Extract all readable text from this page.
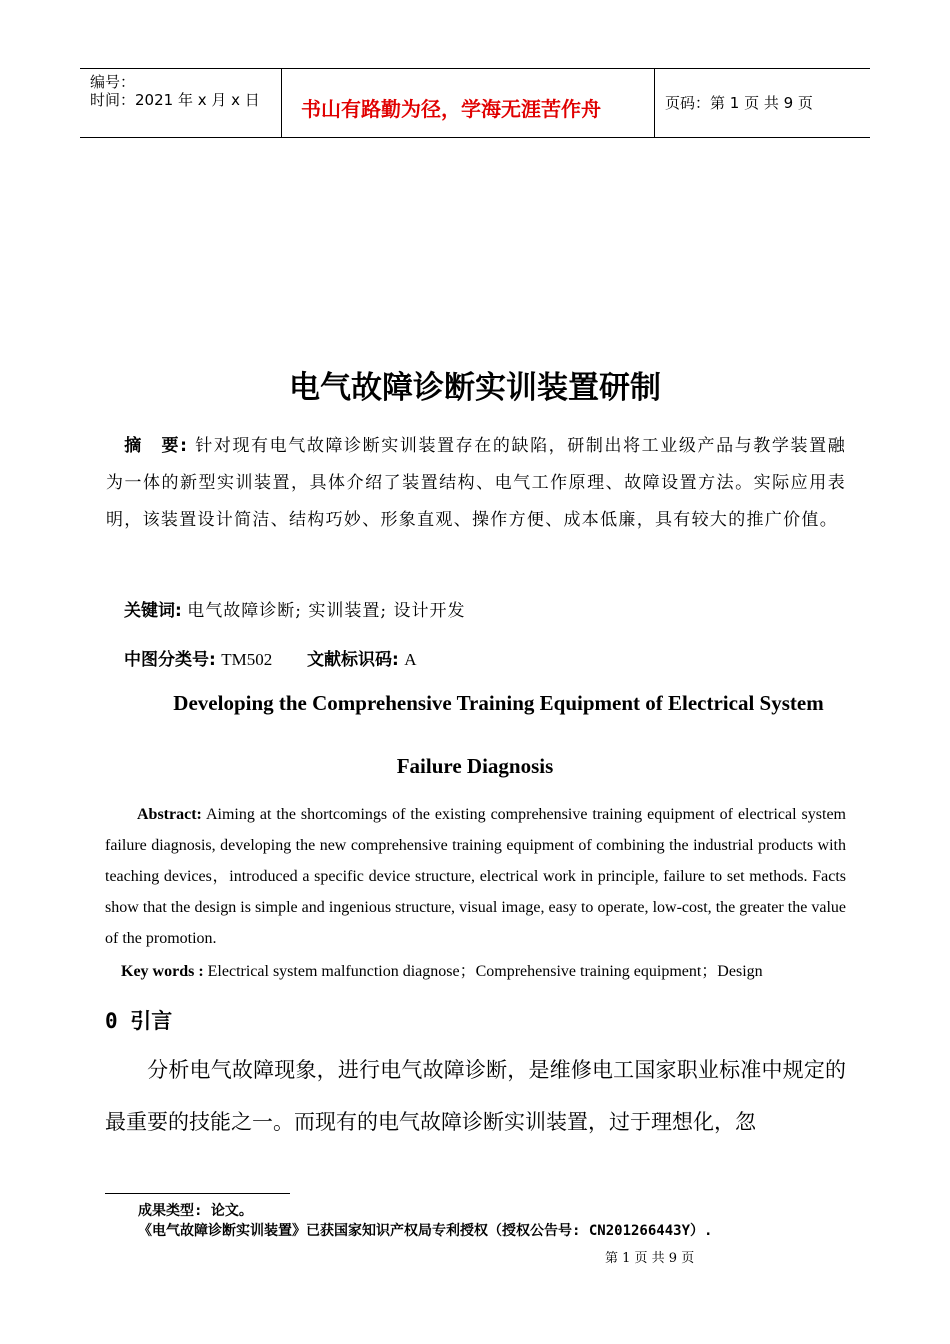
编号：
时间：2021 年 x 月 x 日 书山有路勤为径，学海无涯苦作舟	页码：第 1 页 共 9 页
电气故障诊断实训装置研制
摘　要: 针对现有电气故障诊断实训装置存在的缺陷，研制出将工业级产品与教学装置融为一体的新型实训装置，具体介绍了装置结构、电气工作原理、故障设置方法。实际应用表明，该装置设计简洁、结构巧妙、形象直观、操作方便、成本低廉，具有较大的推广价值。
关键词: 电气故障诊断; 实训装置; 设计开发
中图分类号: TM502 文献标识码: A
Developing the Comprehensive Training Equipment of Electrical System
Failure Diagnosis
Abstract: Aiming at the shortcomings of the existing comprehensive training equipment of electrical system failure diagnosis, developing the new comprehensive training equipment of combining the industrial products with teaching devices，introduced a specific device structure, electrical work in principle, failure to set methods. Facts show that the design is simple and ingenious structure, visual image, easy to operate, low-cost, the greater the value of the promotion.
Key words : Electrical system malfunction diagnose；Comprehensive training equipment；Design
0 引言
分析电气故障现象，进行电气故障诊断，是维修电工国家职业标准中规定的最重要的技能之一。而现有的电气故障诊断实训装置，过于理想化，忽
成果类型: 论文。
《电气故障诊断实训装置》已获国家知识产权局专利授权（授权公告号: CN201266443Y）.
第 1 页 共 9 页
